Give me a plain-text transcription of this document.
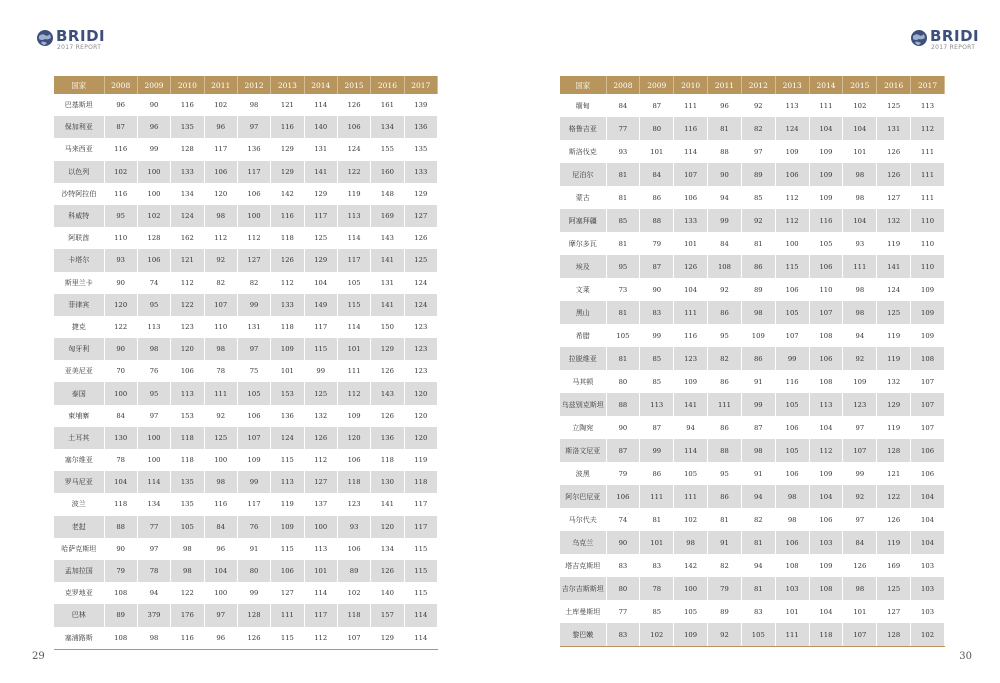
BRIDI
2017 REPORT
国家	2008	2009	2010	2011	2012	2013	2014	2015	2016	2017
巴基斯坦	96	90	116	102	98	121	114	126	161	139
保加利亚	87	96	135	96	97	116	140	106	134	136
马来西亚	116	99	128	117	136	129	131	124	155	135
以色列	102	100	133	106	117	129	141	122	160	133
沙特阿拉伯	116	100	134	120	106	142	129	119	148	129
科威特	95	102	124	98	100	116	117	113	169	127
阿联酋	110	128	162	112	112	118	125	114	143	126
卡塔尔	93	106	121	92	127	126	129	117	141	125
斯里兰卡	90	74	112	82	82	112	104	105	131	124
菲律宾	120	95	122	107	99	133	149	115	141	124
捷克	122	113	123	110	131	118	117	114	150	123
匈牙利	90	98	120	98	97	109	115	101	129	123
亚美尼亚	70	76	106	78	75	101	99	111	126	123
泰国	100	95	113	111	105	153	125	112	143	120
柬埔寨	84	97	153	92	106	136	132	109	126	120
土耳其	130	100	118	125	107	124	126	120	136	120
塞尔维亚	78	100	118	100	109	115	112	106	118	119
罗马尼亚	104	114	135	98	99	113	127	118	130	118
波兰	118	134	135	116	117	119	137	123	141	117
老挝	88	77	105	84	76	109	100	93	120	117
哈萨克斯坦	90	97	98	96	91	115	113	106	134	115
孟加拉国	79	78	98	104	80	106	101	89	126	115
克罗地亚	108	94	122	100	99	127	114	102	140	115
巴林	89	379	176	97	128	111	117	118	157	114
塞浦路斯	108	98	116	96	126	115	112	107	129	114
29
BRIDI
2017 REPORT
国家	2008	2009	2010	2011	2012	2013	2014	2015	2016	2017
缅甸	84	87	111	96	92	113	111	102	125	113
格鲁吉亚	77	80	116	81	82	124	104	104	131	112
斯洛伐克	93	101	114	88	97	109	109	101	126	111
尼泊尔	81	84	107	90	89	106	109	98	126	111
蒙古	81	86	106	94	85	112	109	98	127	111
阿塞拜疆	85	88	133	99	92	112	116	104	132	110
摩尔多瓦	81	79	101	84	81	100	105	93	119	110
埃及	95	87	126	108	86	115	106	111	141	110
文莱	73	90	104	92	89	106	110	98	124	109
黑山	81	83	111	86	98	105	107	98	125	109
希腊	105	99	116	95	109	107	108	94	119	109
拉脱维亚	81	85	123	82	86	99	106	92	119	108
马其顿	80	85	109	86	91	116	108	109	132	107
乌兹别克斯坦	88	113	141	111	99	105	113	123	129	107
立陶宛	90	87	94	86	87	106	104	97	119	107
斯洛文尼亚	87	99	114	88	98	105	112	107	128	106
波黑	79	86	105	95	91	106	109	99	121	106
阿尔巴尼亚	106	111	111	86	94	98	104	92	122	104
马尔代夫	74	81	102	81	82	98	106	97	126	104
乌克兰	90	101	98	91	81	106	103	84	119	104
塔吉克斯坦	83	83	142	82	94	108	109	126	169	103
吉尔吉斯斯坦	80	78	100	79	81	103	108	98	125	103
土库曼斯坦	77	85	105	89	83	101	104	101	127	103
黎巴嫩	83	102	109	92	105	111	118	107	128	102
30
